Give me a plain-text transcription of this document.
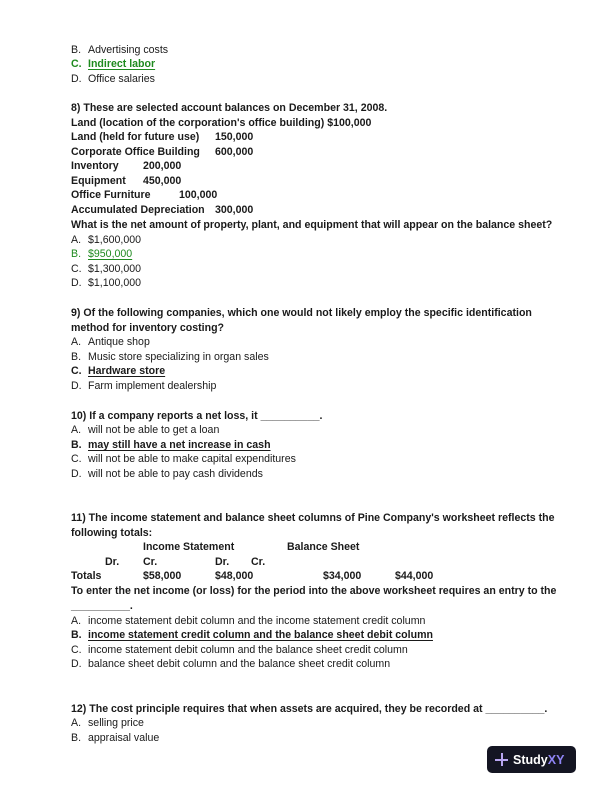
B. Advertising costs
C. Indirect labor
D. Office salaries
8) These are selected account balances on December 31, 2008.
Land (location of the corporation's office building) $100,000
Land (held for future use) 150,000
Corporate Office Building 600,000
Inventory 200,000
Equipment 450,000
Office Furniture	100,000
Accumulated Depreciation 300,000
What is the net amount of property, plant, and equipment that will appear on the balance sheet?
A. $1,600,000
B. $950,000
C. $1,300,000
D. $1,100,000
9) Of the following companies, which one would not likely employ the specific identification
method for inventory costing?
A. Antique shop
B. Music store specializing in organ sales
C. Hardware store
D. Farm implement dealership
10) If a company reports a net loss, it __________.
A. will not be able to get a loan
B. may still have a net increase in cash
C. will not be able to make capital expenditures
D. will not be able to pay cash dividends
11) The income statement and balance sheet columns of Pine Company's worksheet reflects the
following totals:
Income Statement	Balance Sheet
Dr. Cr.	Dr. Cr.
Totals	$58,000	$48,000	$34,000	$44,000
To enter the net income (or loss) for the period into the above worksheet requires an entry to the
__________.
A. income statement debit column and the income statement credit column
B. income statement credit column and the balance sheet debit column
C. income statement debit column and the balance sheet credit column
D. balance sheet debit column and the balance sheet credit column
12) The cost principle requires that when assets are acquired, they be recorded at __________.
A. selling price
B. appraisal value
Study XY
